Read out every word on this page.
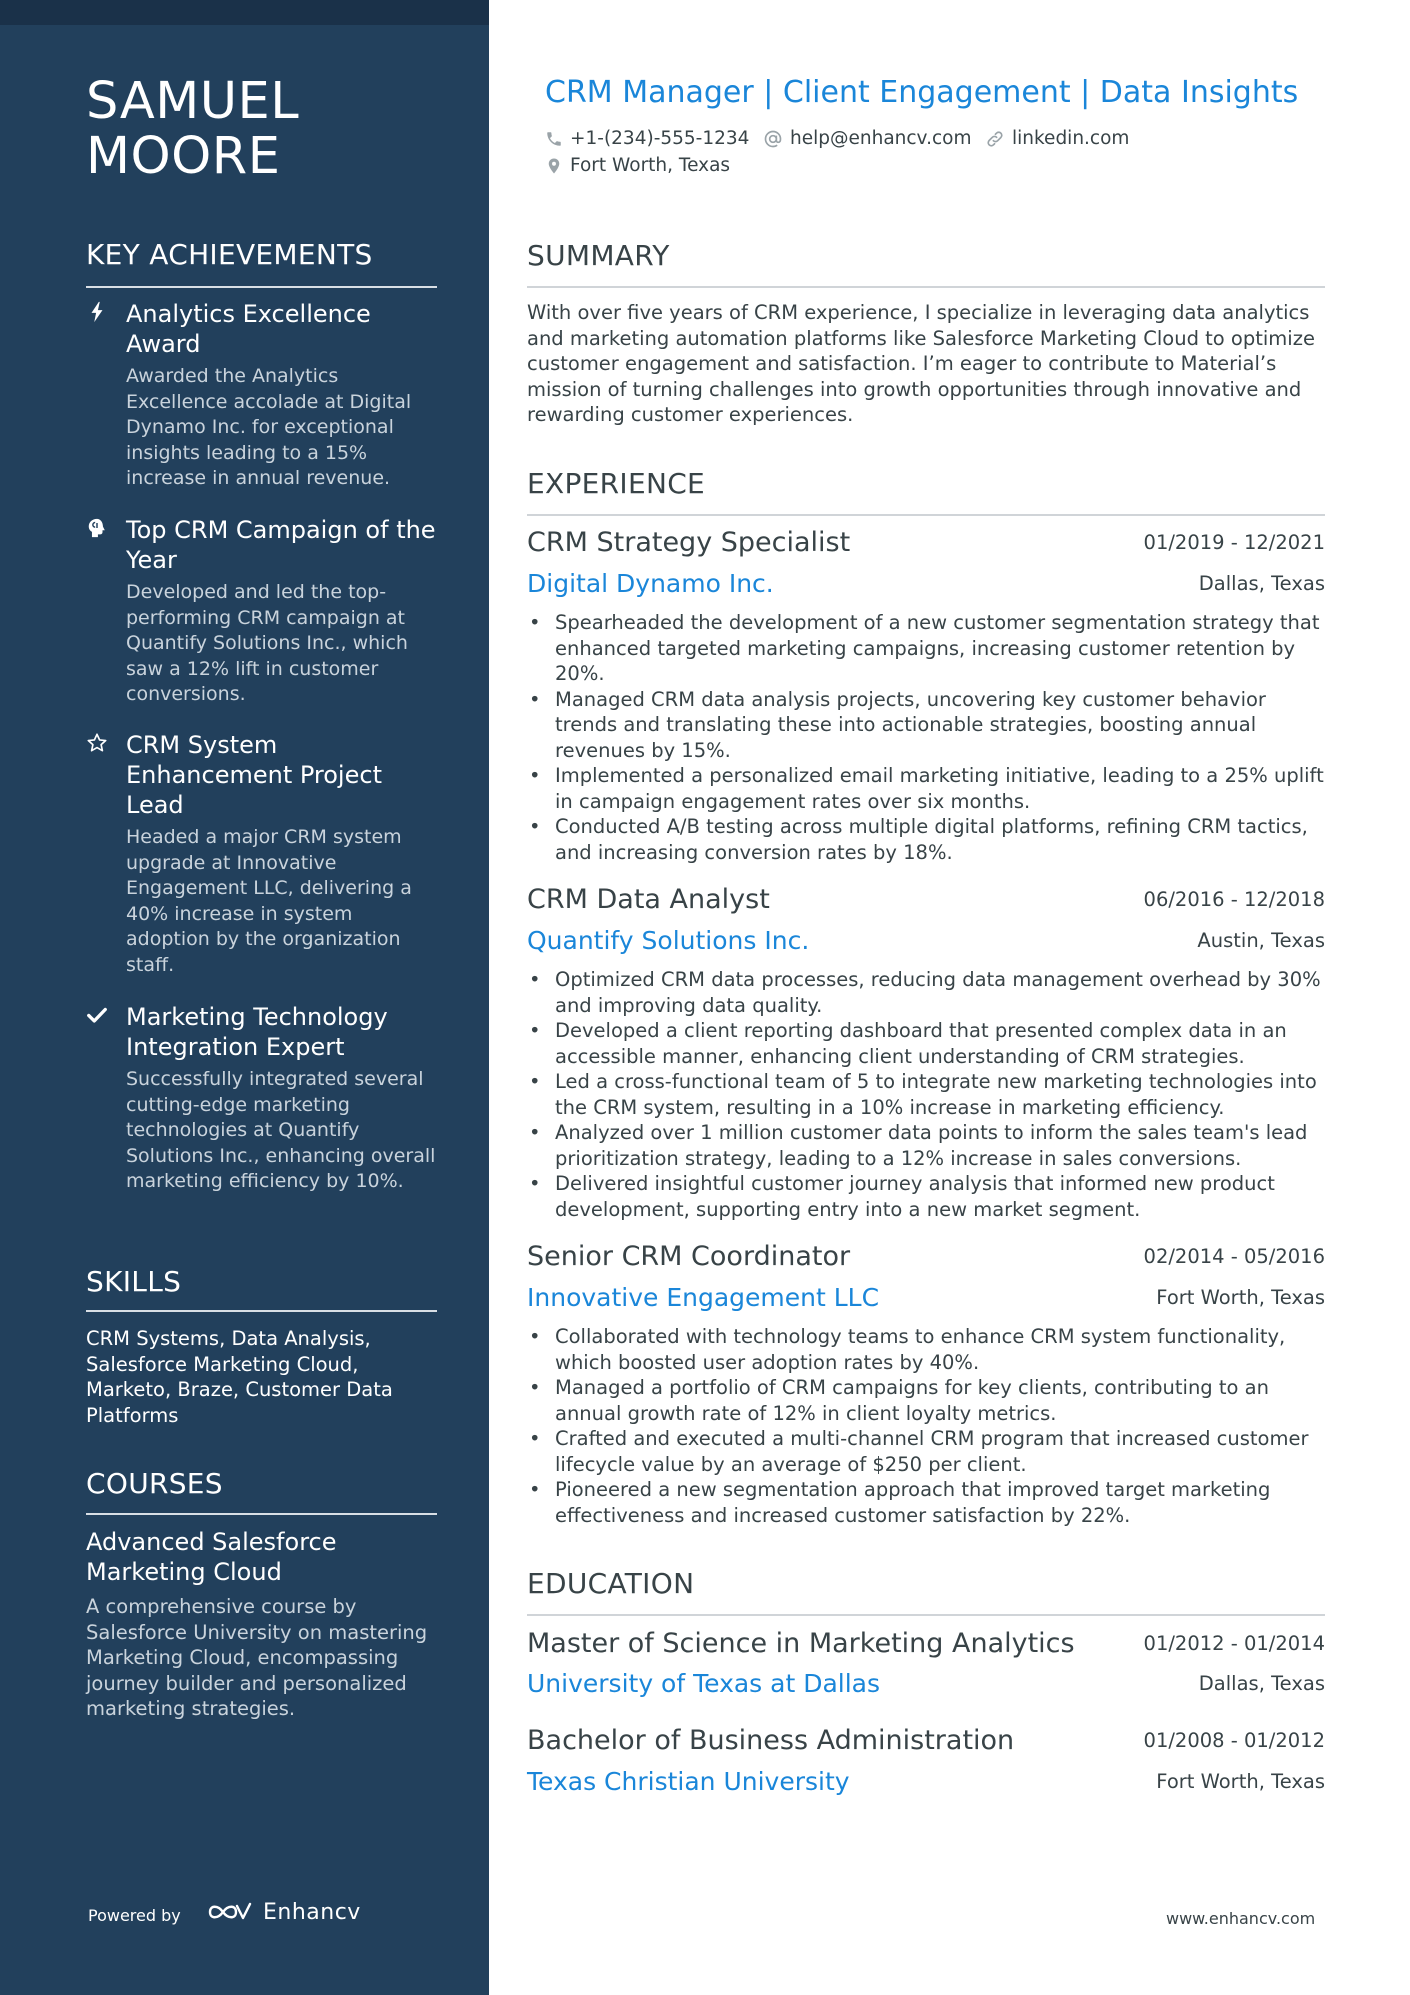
SAMUEL
MOORE
KEY ACHIEVEMENTS
Analytics Excellence Award
Awarded the Analytics Excellence accolade at Digital Dynamo Inc. for exceptional insights leading to a 15% increase in annual revenue.
Top CRM Campaign of the Year
Developed and led the top-performing CRM campaign at Quantify Solutions Inc., which saw a 12% lift in customer conversions.
CRM System Enhancement Project Lead
Headed a major CRM system upgrade at Innovative Engagement LLC, delivering a 40% increase in system adoption by the organization staff.
Marketing Technology Integration Expert
Successfully integrated several cutting-edge marketing technologies at Quantify Solutions Inc., enhancing overall marketing efficiency by 10%.
SKILLS
CRM Systems, Data Analysis, Salesforce Marketing Cloud, Marketo, Braze, Customer Data Platforms
COURSES
Advanced Salesforce Marketing Cloud
A comprehensive course by Salesforce University on mastering Marketing Cloud, encompassing journey builder and personalized marketing strategies.
Powered by	Enhancv
CRM Manager | Client Engagement | Data Insights
+1-(234)-555-1234 help@enhancv.com linkedin.com
Fort Worth, Texas
SUMMARY
With over five years of CRM experience, I specialize in leveraging data analytics and marketing automation platforms like Salesforce Marketing Cloud to optimize customer engagement and satisfaction. I’m eager to contribute to Material’s mission of turning challenges into growth opportunities through innovative and rewarding customer experiences.
EXPERIENCE
CRM Strategy Specialist	01/2019 - 12/2021
Digital Dynamo Inc.	Dallas, Texas
• Spearheaded the development of a new customer segmentation strategy that enhanced targeted marketing campaigns, increasing customer retention by 20%.
• Managed CRM data analysis projects, uncovering key customer behavior trends and translating these into actionable strategies, boosting annual revenues by 15%.
• Implemented a personalized email marketing initiative, leading to a 25% uplift in campaign engagement rates over six months.
• Conducted A/B testing across multiple digital platforms, refining CRM tactics, and increasing conversion rates by 18%.
CRM Data Analyst	06/2016 - 12/2018
Quantify Solutions Inc.	Austin, Texas
• Optimized CRM data processes, reducing data management overhead by 30% and improving data quality.
• Developed a client reporting dashboard that presented complex data in an accessible manner, enhancing client understanding of CRM strategies.
• Led a cross-functional team of 5 to integrate new marketing technologies into the CRM system, resulting in a 10% increase in marketing efficiency.
• Analyzed over 1 million customer data points to inform the sales team's lead prioritization strategy, leading to a 12% increase in sales conversions.
• Delivered insightful customer journey analysis that informed new product development, supporting entry into a new market segment.
Senior CRM Coordinator	02/2014 - 05/2016
Innovative Engagement LLC	Fort Worth, Texas
• Collaborated with technology teams to enhance CRM system functionality, which boosted user adoption rates by 40%.
• Managed a portfolio of CRM campaigns for key clients, contributing to an annual growth rate of 12% in client loyalty metrics.
• Crafted and executed a multi-channel CRM program that increased customer lifecycle value by an average of $250 per client.
• Pioneered a new segmentation approach that improved target marketing effectiveness and increased customer satisfaction by 22%.
EDUCATION
Master of Science in Marketing Analytics	01/2012 - 01/2014
University of Texas at Dallas	Dallas, Texas
Bachelor of Business Administration	01/2008 - 01/2012
Texas Christian University	Fort Worth, Texas
www.enhancv.com
